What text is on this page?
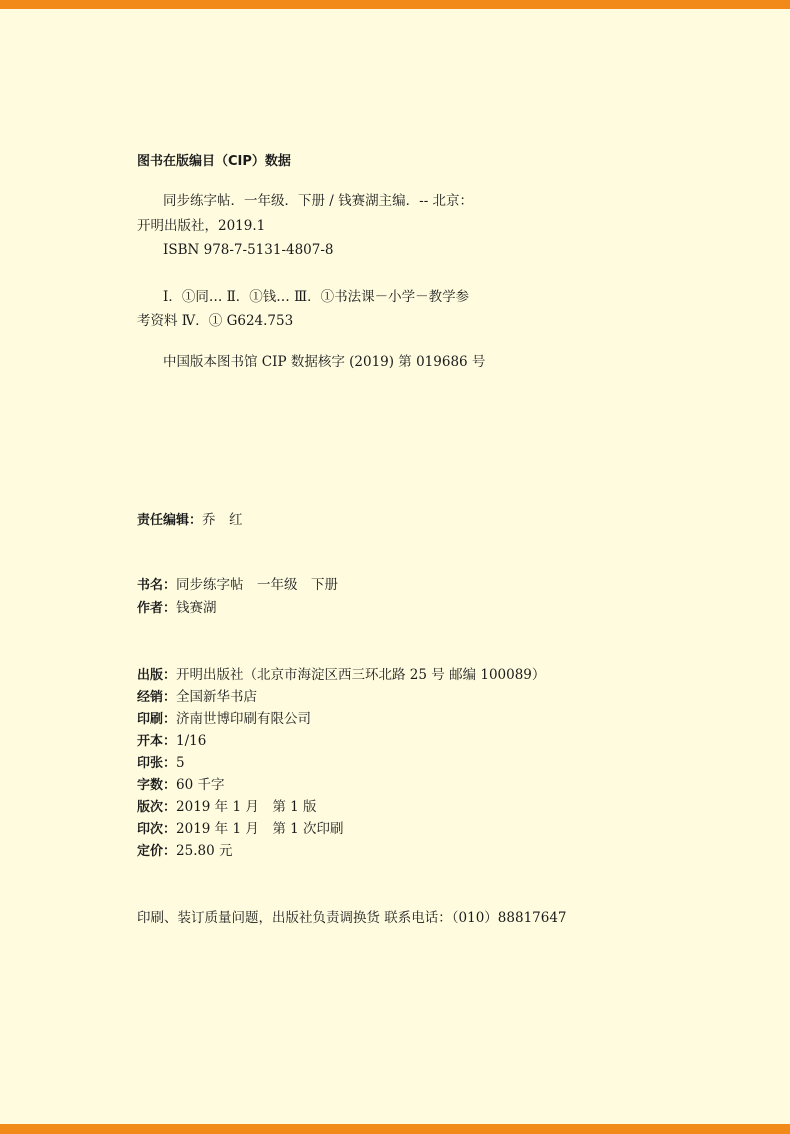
图书在版编目（CIP）数据
同步练字帖．一年级．下册 / 钱赛湖主编．-- 北京：
开明出版社，2019.1
ISBN 978-7-5131-4807-8
Ⅰ．①同… Ⅱ．①钱… Ⅲ．①书法课－小学－教学参
考资料 Ⅳ．① G624.753
中国版本图书馆 CIP 数据核字 (2019) 第 019686 号
责任编辑：乔　红
书名：同步练字帖　一年级　下册
作者：钱赛湖
出版：开明出版社（北京市海淀区西三环北路 25 号 邮编 100089）
经销：全国新华书店
印刷：济南世博印刷有限公司
开本：1/16
印张：5
字数：60 千字
版次：2019 年 1 月　第 1 版
印次：2019 年 1 月　第 1 次印刷
定价：25.80 元
印刷、装订质量问题，出版社负责调换货 联系电话：（010）88817647
